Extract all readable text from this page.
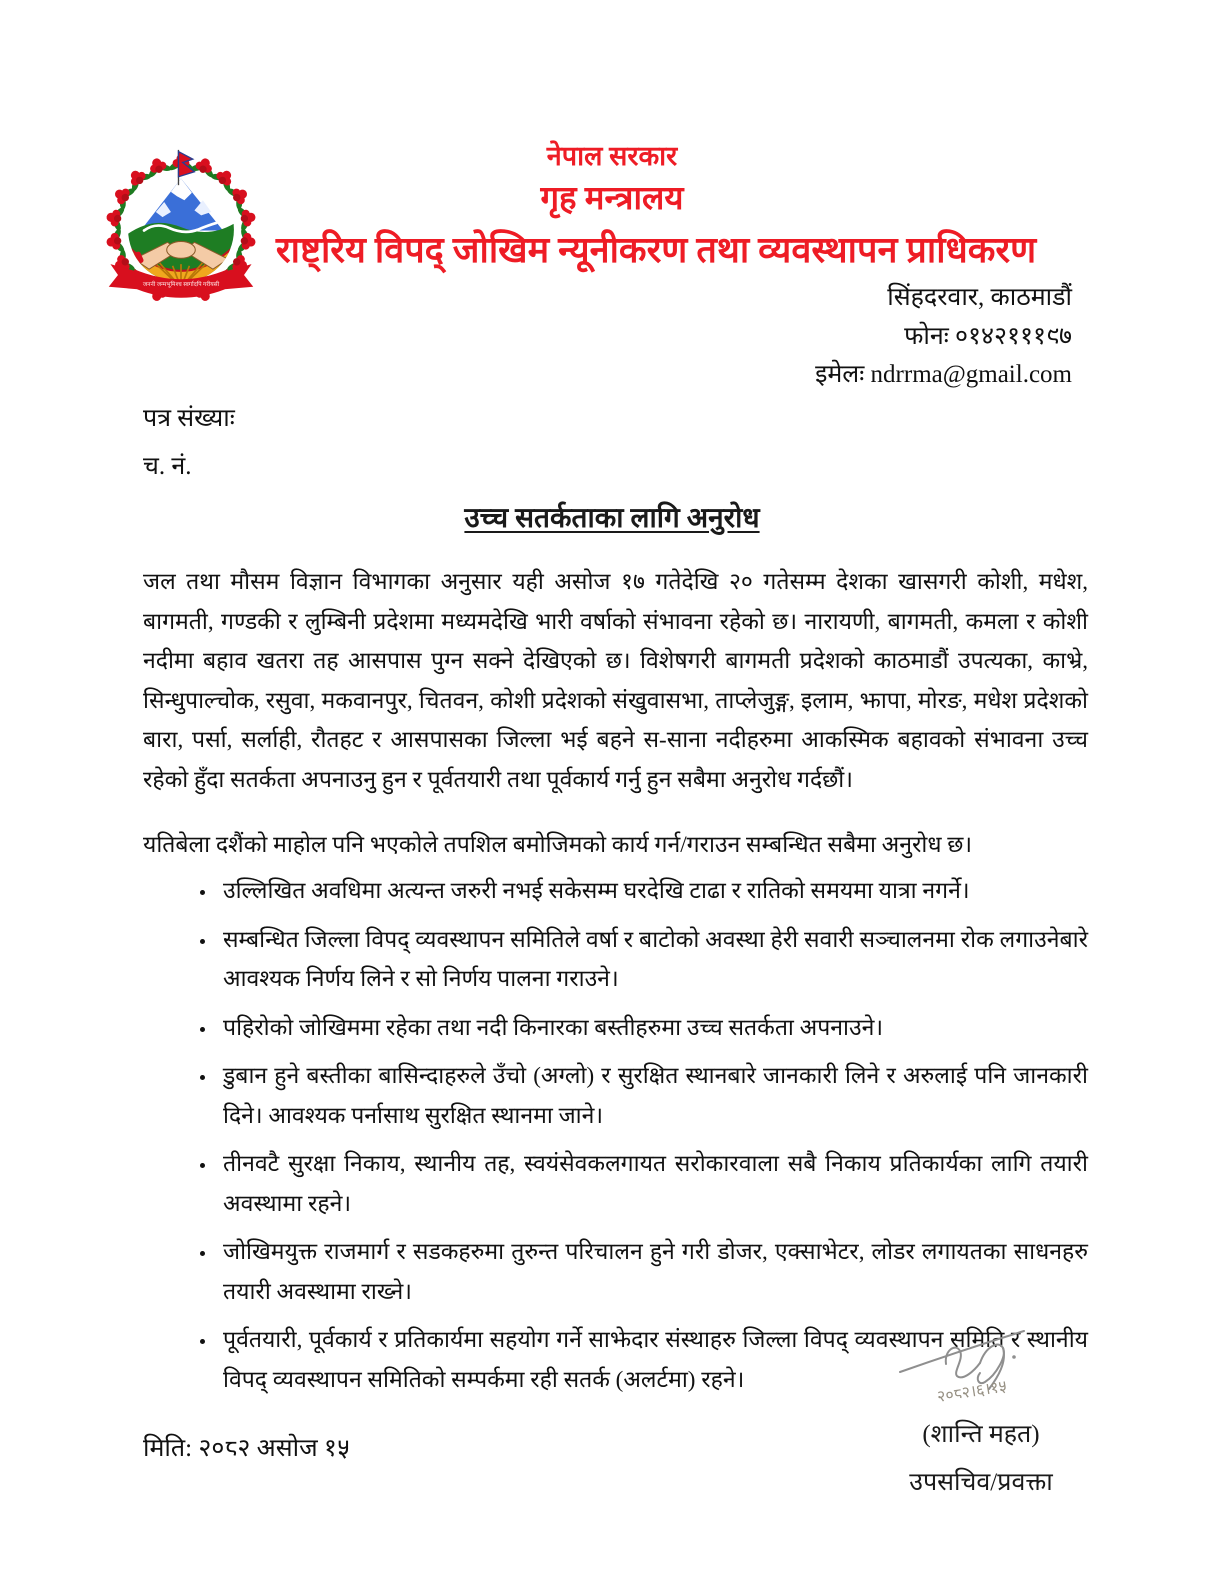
जननी जन्मभूमिश्च स्वर्गादपि गरीयसी
नेपाल सरकार
गृह मन्त्रालय
राष्ट्रिय विपद् जोखिम न्यूनीकरण तथा व्यवस्थापन प्राधिकरण
सिंहदरवार, काठमाडौं
फोनः ०१४२१११९७
इमेलः ndrrma@gmail.com
पत्र संख्याः
च. नं.
उच्च सतर्कताका लागि अनुरोध

जल तथा मौसम विज्ञान विभागका अनुसार यही असोज १७ गतेदेखि २० गतेसम्म देशका खासगरी कोशी, मधेश, बागमती, गण्डकी र लुम्बिनी प्रदेशमा मध्यमदेखि भारी वर्षाको संभावना रहेको छ। नारायणी, बागमती, कमला र कोशी नदीमा बहाव खतरा तह आसपास पुग्न सक्ने देखिएको छ। विशेषगरी बागमती प्रदेशको काठमाडौं उपत्यका, काभ्रे, सिन्धुपाल्चोक, रसुवा, मकवानपुर, चितवन, कोशी प्रदेशको संखुवासभा, ताप्लेजुङ्ग, इलाम, झापा, मोरङ, मधेश प्रदेशको बारा, पर्सा, सर्लाही, रौतहट र आसपासका जिल्ला भई बहने स-साना नदीहरुमा आकस्मिक बहावको संभावना उच्च रहेको हुँदा सतर्कता अपनाउनु हुन र पूर्वतयारी तथा पूर्वकार्य गर्नु हुन सबैमा अनुरोध गर्दछौं।

यतिबेला दशैंको माहोल पनि भएकोले तपशिल बमोजिमको कार्य गर्न/गराउन सम्बन्धित सबैमा अनुरोध छ।

• उल्लिखित अवधिमा अत्यन्त जरुरी नभई सकेसम्म घरदेखि टाढा र रातिको समयमा यात्रा नगर्ने।
• सम्बन्धित जिल्ला विपद् व्यवस्थापन समितिले वर्षा र बाटोको अवस्था हेरी सवारी सञ्चालनमा रोक लगाउनेबारे आवश्यक निर्णय लिने र सो निर्णय पालना गराउने।
• पहिरोको जोखिममा रहेका तथा नदी किनारका बस्तीहरुमा उच्च सतर्कता अपनाउने।
• डुबान हुने बस्तीका बासिन्दाहरुले उँचो (अग्लो) र सुरक्षित स्थानबारे जानकारी लिने र अरुलाई पनि जानकारी दिने। आवश्यक पर्नासाथ सुरक्षित स्थानमा जाने।
• तीनवटै सुरक्षा निकाय, स्थानीय तह, स्वयंसेवकलगायत सरोकारवाला सबै निकाय प्रतिकार्यका लागि तयारी अवस्थामा रहने।
• जोखिमयुक्त राजमार्ग र सडकहरुमा तुरुन्त परिचालन हुने गरी डोजर, एक्साभेटर, लोडर लगायतका साधनहरु तयारी अवस्थामा राख्ने।
• पूर्वतयारी, पूर्वकार्य र प्रतिकार्यमा सहयोग गर्ने साझेदार संस्थाहरु जिल्ला विपद् व्यवस्थापन समिति र स्थानीय विपद् व्यवस्थापन समितिको सम्पर्कमा रही सतर्क (अलर्टमा) रहने।
मिति: २०८२ असोज १५
२०८२।६।१५
(शान्ति महत)
उपसचिव/प्रवक्ता
